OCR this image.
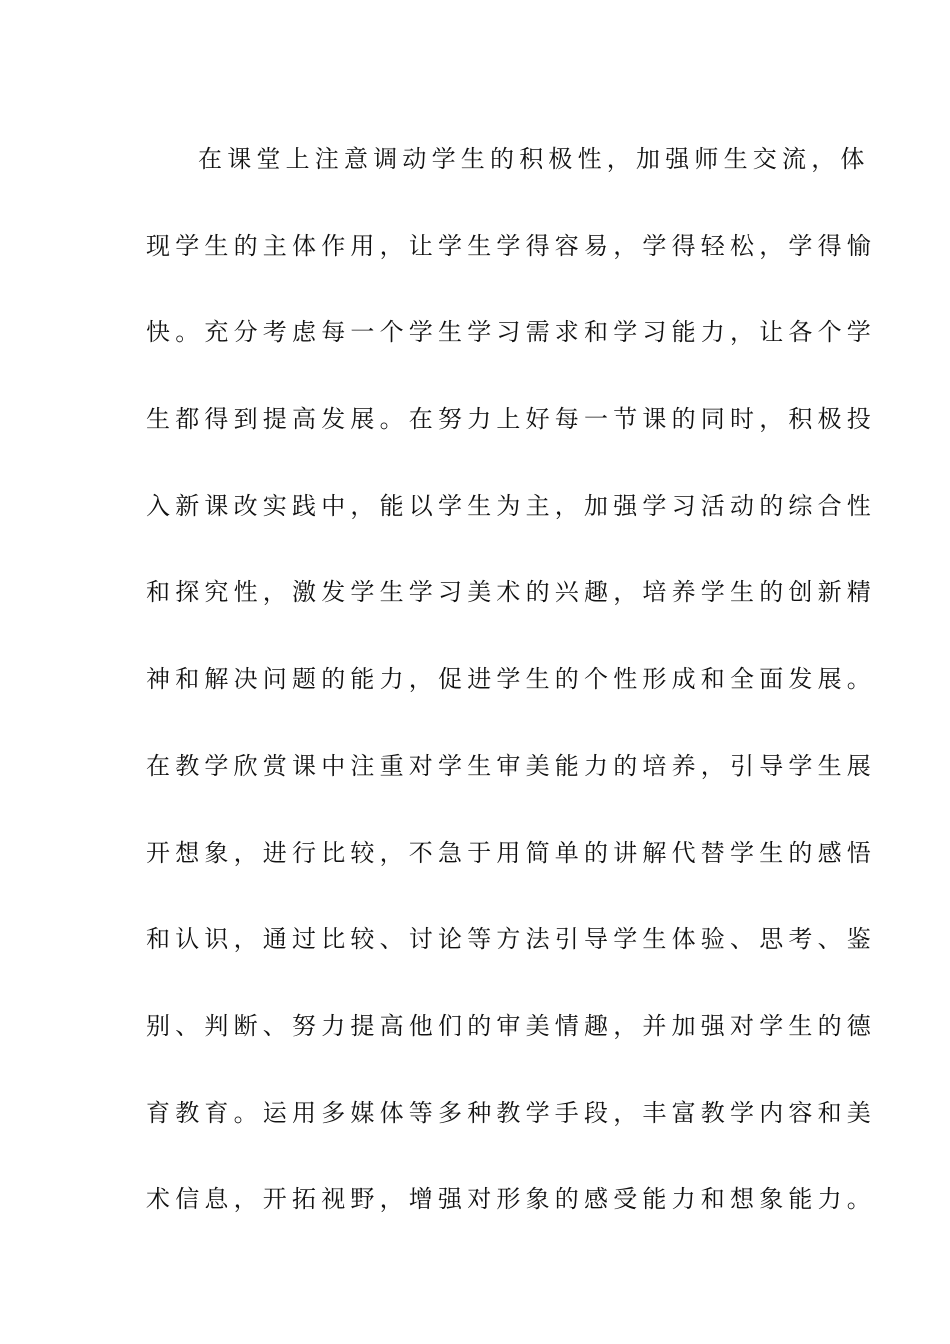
在课堂上注意调动学生的积极性，加强师生交流，体
现学生的主体作用，让学生学得容易，学得轻松，学得愉
快。充分考虑每一个学生学习需求和学习能力，让各个学
生都得到提高发展。在努力上好每一节课的同时，积极投
入新课改实践中，能以学生为主，加强学习活动的综合性
和探究性，激发学生学习美术的兴趣，培养学生的创新精
神和解决问题的能力，促进学生的个性形成和全面发展。
在教学欣赏课中注重对学生审美能力的培养，引导学生展
开想象，进行比较，不急于用简单的讲解代替学生的感悟
和认识，通过比较、讨论等方法引导学生体验、思考、鉴
别、判断、努力提高他们的审美情趣，并加强对学生的德
育教育。运用多媒体等多种教学手段，丰富教学内容和美
术信息，开拓视野，增强对形象的感受能力和想象能力。
